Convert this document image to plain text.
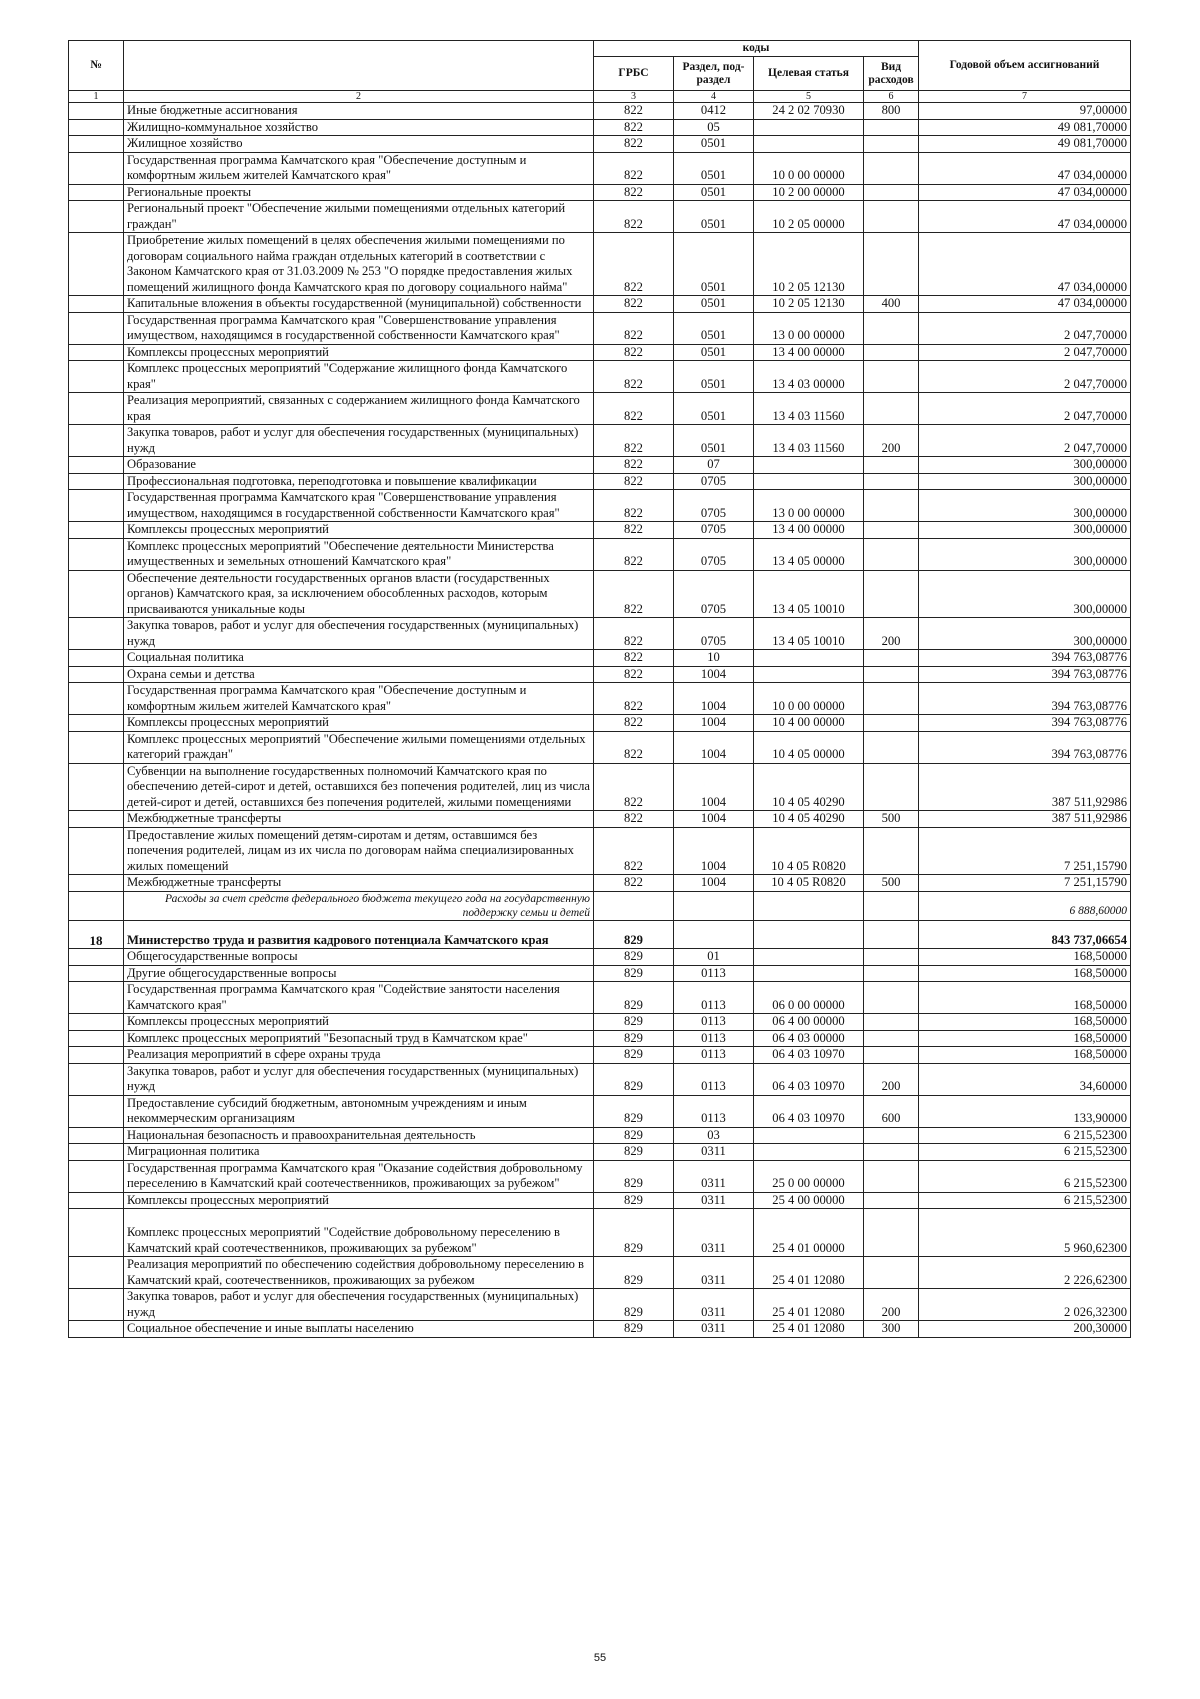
№		коды				Годовой объем ассигнований
		ГРБС	Раздел, под-раздел	Целевая статья	Вид расходов	
1	2	3	4	5	6	7
	Иные бюджетные ассигнования	822	0412	24 2 02 70930	800	97,00000
	Жилищно-коммунальное хозяйство	822	05			49 081,70000
	Жилищное хозяйство	822	0501			49 081,70000
	Государственная программа Камчатского края "Обеспечение доступным и комфортным жильем жителей Камчатского края"	822	0501	10 0 00 00000		47 034,00000
	Региональные проекты	822	0501	10 2 00 00000		47 034,00000
	Региональный проект "Обеспечение жилыми помещениями отдельных категорий граждан"	822	0501	10 2 05 00000		47 034,00000
	Приобретение жилых помещений в целях обеспечения жилыми помещениями по договорам социального найма граждан отдельных категорий в соответствии с Законом Камчатского края от 31.03.2009 № 253 "О порядке предоставления жилых помещений жилищного фонда Камчатского края по договору социального найма"	822	0501	10 2 05 12130		47 034,00000
	Капитальные вложения в объекты государственной (муниципальной) собственности	822	0501	10 2 05 12130	400	47 034,00000
	Государственная программа Камчатского края "Совершенствование управления имуществом, находящимся в государственной собственности Камчатского края"	822	0501	13 0 00 00000		2 047,70000
	Комплексы процессных мероприятий	822	0501	13 4 00 00000		2 047,70000
	Комплекс процессных мероприятий "Содержание жилищного фонда Камчатского края"	822	0501	13 4 03 00000		2 047,70000
	Реализация мероприятий, связанных с содержанием жилищного фонда Камчатского края	822	0501	13 4 03 11560		2 047,70000
	Закупка товаров, работ и услуг для обеспечения государственных (муниципальных) нужд	822	0501	13 4 03 11560	200	2 047,70000
	Образование	822	07			300,00000
	Профессиональная подготовка, переподготовка и повышение квалификации	822	0705			300,00000
	Государственная программа Камчатского края "Совершенствование управления имуществом, находящимся в государственной собственности Камчатского края"	822	0705	13 0 00 00000		300,00000
	Комплексы процессных мероприятий	822	0705	13 4 00 00000		300,00000
	Комплекс процессных мероприятий "Обеспечение деятельности Министерства имущественных и земельных отношений Камчатского края"	822	0705	13 4 05 00000		300,00000
	Обеспечение деятельности государственных органов власти (государственных органов) Камчатского края, за исключением обособленных расходов, которым присваиваются уникальные коды	822	0705	13 4 05 10010		300,00000
	Закупка товаров, работ и услуг для обеспечения государственных (муниципальных) нужд	822	0705	13 4 05 10010	200	300,00000
	Социальная политика	822	10			394 763,08776
	Охрана семьи и детства	822	1004			394 763,08776
	Государственная программа Камчатского края "Обеспечение доступным и комфортным жильем жителей Камчатского края"	822	1004	10 0 00 00000		394 763,08776
	Комплексы процессных мероприятий	822	1004	10 4 00 00000		394 763,08776
	Комплекс процессных мероприятий "Обеспечение жилыми помещениями отдельных категорий граждан"	822	1004	10 4 05 00000		394 763,08776
	Субвенции на выполнение государственных полномочий Камчатского края по обеспечению детей-сирот и детей, оставшихся без попечения родителей, лиц из числа детей-сирот и детей, оставшихся без попечения родителей, жилыми помещениями	822	1004	10 4 05 40290		387 511,92986
	Межбюджетные трансферты	822	1004	10 4 05 40290	500	387 511,92986
	Предоставление жилых помещений детям-сиротам и детям, оставшимся без попечения родителей, лицам из их числа по договорам найма специализированных жилых помещений	822	1004	10 4 05 R0820		7 251,15790
	Межбюджетные трансферты	822	1004	10 4 05 R0820	500	7 251,15790
	Расходы за счет средств федерального бюджета текущего года на государственную поддержку семьи и детей					6 888,60000
18	Министерство труда и развития кадрового потенциала Камчатского края	829				843 737,06654
	Общегосударственные вопросы	829	01			168,50000
	Другие общегосударственные вопросы	829	0113			168,50000
	Государственная программа Камчатского края "Содействие занятости населения Камчатского края"	829	0113	06 0 00 00000		168,50000
	Комплексы процессных мероприятий	829	0113	06 4 00 00000		168,50000
	Комплекс процессных мероприятий "Безопасный труд в Камчатском крае"	829	0113	06 4 03 00000		168,50000
	Реализация мероприятий в сфере охраны труда	829	0113	06 4 03 10970		168,50000
	Закупка товаров, работ и услуг для обеспечения государственных (муниципальных) нужд	829	0113	06 4 03 10970	200	34,60000
	Предоставление субсидий бюджетным, автономным учреждениям и иным некоммерческим организациям	829	0113	06 4 03 10970	600	133,90000
	Национальная безопасность и правоохранительная деятельность	829	03			6 215,52300
	Миграционная политика	829	0311			6 215,52300
	Государственная программа Камчатского края "Оказание содействия добровольному переселению в Камчатский край соотечественников, проживающих за рубежом"	829	0311	25 0 00 00000		6 215,52300
	Комплексы процессных мероприятий	829	0311	25 4 00 00000		6 215,52300
	Комплекс процессных мероприятий "Содействие добровольному переселению в Камчатский край соотечественников, проживающих за рубежом"	829	0311	25 4 01 00000		5 960,62300
	Реализация мероприятий по обеспечению содействия добровольному переселению в Камчатский край, соотечественников, проживающих за рубежом	829	0311	25 4 01 12080		2 226,62300
	Закупка товаров, работ и услуг для обеспечения государственных (муниципальных) нужд	829	0311	25 4 01 12080	200	2 026,32300
	Социальное обеспечение и иные выплаты населению	829	0311	25 4 01 12080	300	200,30000
55
